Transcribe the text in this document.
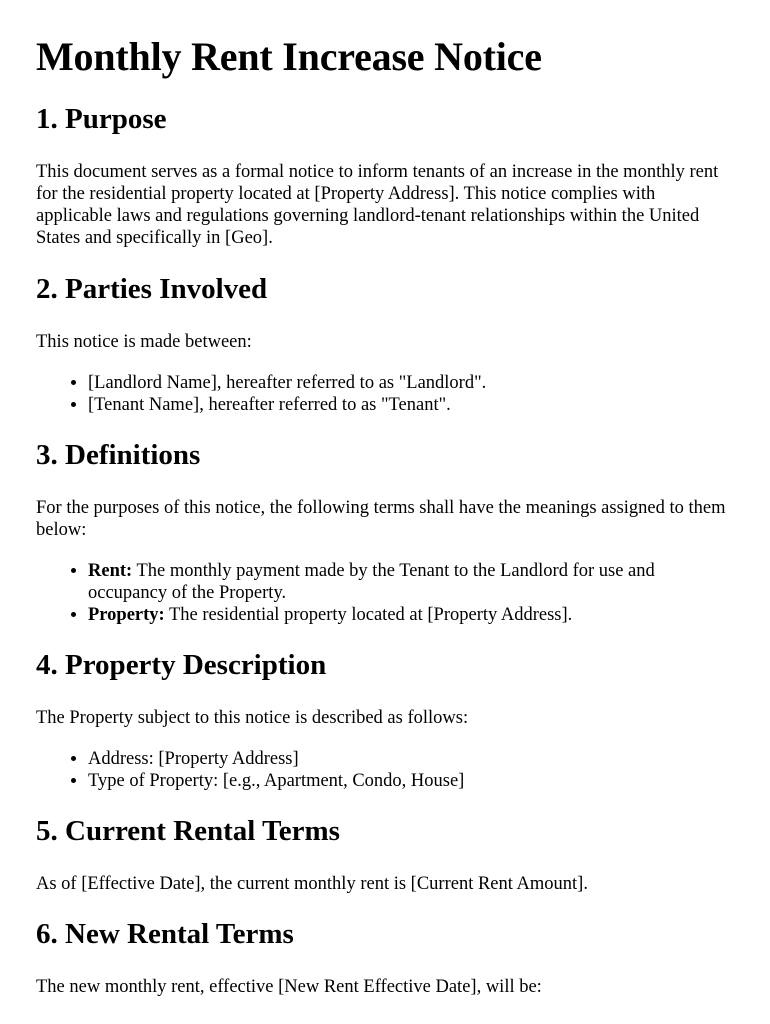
Monthly Rent Increase Notice
1. Purpose

This document serves as a formal notice to inform tenants of an increase in the monthly rent for the residential property located at [Property Address]. This notice complies with applicable laws and regulations governing landlord-tenant relationships within the United States and specifically in [Geo].

2. Parties Involved

This notice is made between:

• [Landlord Name], hereafter referred to as "Landlord".
• [Tenant Name], hereafter referred to as "Tenant".
3. Definitions

For the purposes of this notice, the following terms shall have the meanings assigned to them below:

• Rent: The monthly payment made by the Tenant to the Landlord for use and occupancy of the Property.
• Property: The residential property located at [Property Address].
4. Property Description

The Property subject to this notice is described as follows:

• Address: [Property Address]
• Type of Property: [e.g., Apartment, Condo, House]
5. Current Rental Terms

As of [Effective Date], the current monthly rent is [Current Rent Amount].

6. New Rental Terms

The new monthly rent, effective [New Rent Effective Date], will be:
